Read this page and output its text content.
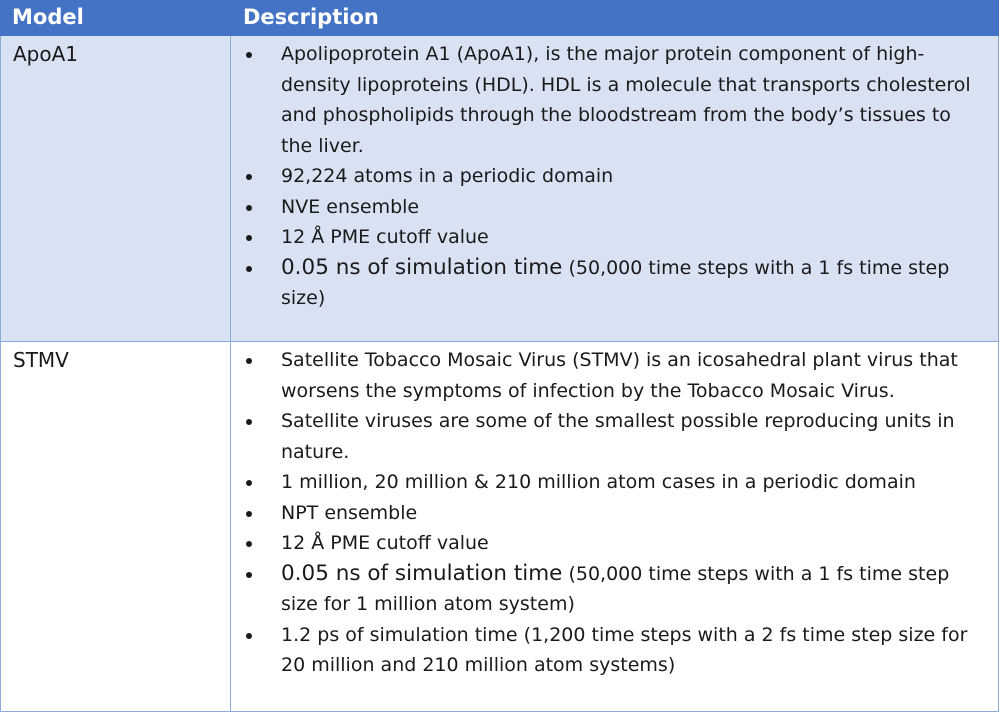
Model	Description
ApoA1	Apolipoprotein A1 (ApoA1), is the major protein component of high-density lipoproteins (HDL). HDL is a molecule that transports cholesterol and phospholipids through the bloodstream from the body’s tissues to the liver.
92,224 atoms in a periodic domain
NVE ensemble
12 Å PME cutoff value
0.05 ns of simulation time (50,000 time steps with a 1 fs time step size)
STMV	Satellite Tobacco Mosaic Virus (STMV) is an icosahedral plant virus that worsens the symptoms of infection by the Tobacco Mosaic Virus.
Satellite viruses are some of the smallest possible reproducing units in nature.
1 million, 20 million & 210 million atom cases in a periodic domain
NPT ensemble
12 Å PME cutoff value
0.05 ns of simulation time (50,000 time steps with a 1 fs time step size for 1 million atom system)
1.2 ps of simulation time (1,200 time steps with a 2 fs time step size for 20 million and 210 million atom systems)
